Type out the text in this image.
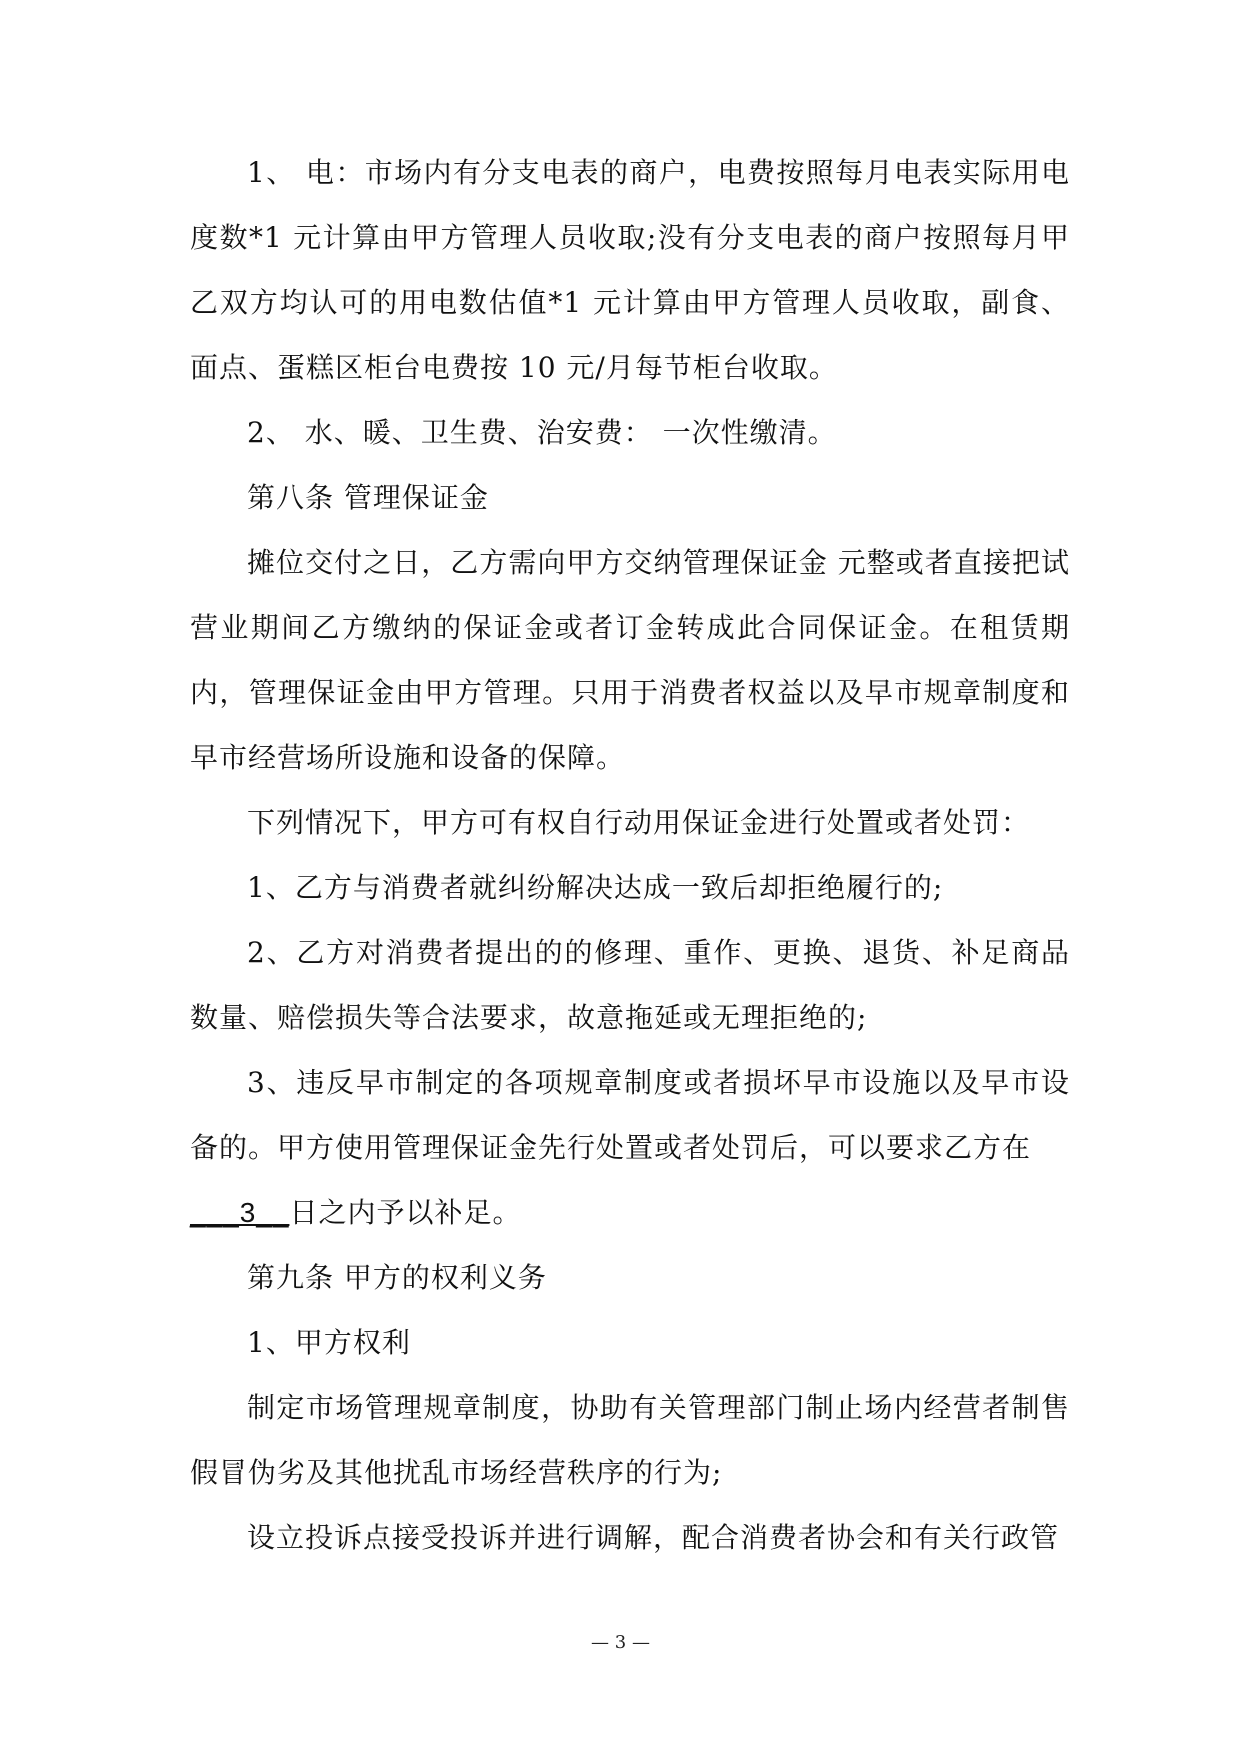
1、 电：市场内有分支电表的商户，电费按照每月电表实际用电度数*1 元计算由甲方管理人员收取;没有分支电表的商户按照每月甲乙双方均认可的用电数估值*1 元计算由甲方管理人员收取，副食、面点、蛋糕区柜台电费按 10 元/月每节柜台收取。

2、 水、暖、卫生费、治安费： 一次性缴清。

第八条 管理保证金

摊位交付之日，乙方需向甲方交纳管理保证金 元整或者直接把试营业期间乙方缴纳的保证金或者订金转成此合同保证金。在租赁期内，管理保证金由甲方管理。只用于消费者权益以及早市规章制度和早市经营场所设施和设备的保障。

下列情况下，甲方可有权自行动用保证金进行处置或者处罚：

1、乙方与消费者就纠纷解决达成一致后却拒绝履行的;

2、乙方对消费者提出的的修理、重作、更换、退货、补足商品数量、赔偿损失等合法要求，故意拖延或无理拒绝的;

3、违反早市制定的各项规章制度或者损坏早市设施以及早市设备的。甲方使用管理保证金先行处置或者处罚后，可以要求乙方在

___3__日之内予以补足。

第九条 甲方的权利义务

1、甲方权利

制定市场管理规章制度，协助有关管理部门制止场内经营者制售假冒伪劣及其他扰乱市场经营秩序的行为;

设立投诉点接受投诉并进行调解，配合消费者协会和有关行政管

— 3 —
